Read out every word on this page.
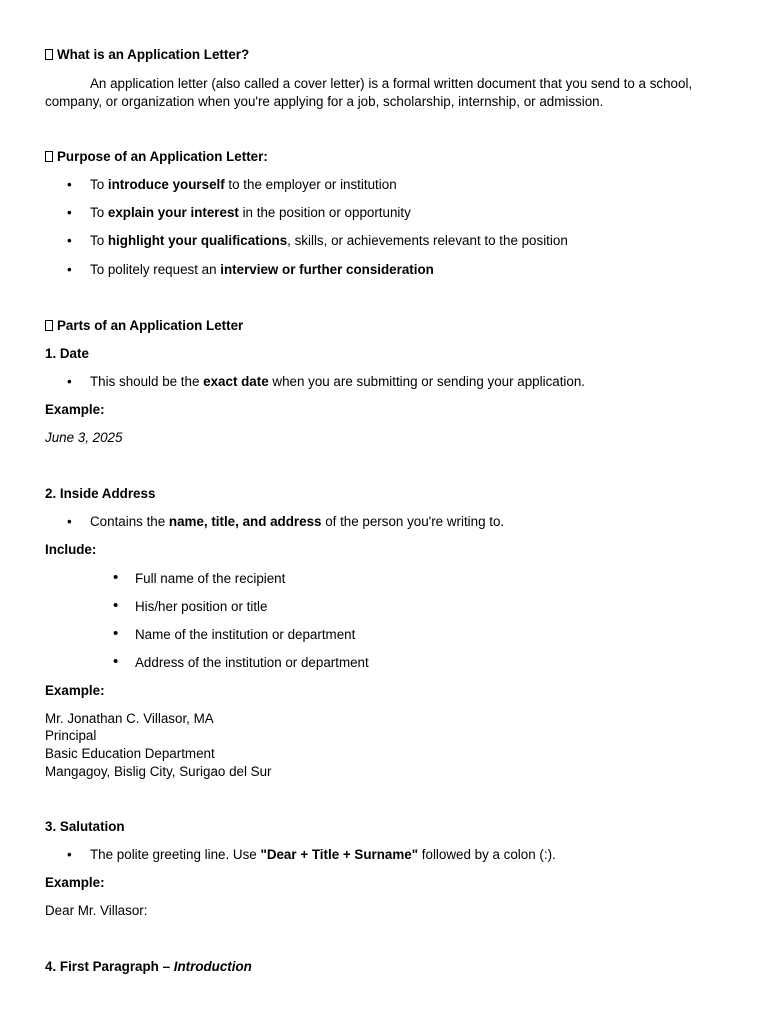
What is an Application Letter?
An application letter (also called a cover letter) is a formal written document that you send to a school, company, or organization when you're applying for a job, scholarship, internship, or admission.
Purpose of an Application Letter:
• To introduce yourself to the employer or institution
• To explain your interest in the position or opportunity
• To highlight your qualifications, skills, or achievements relevant to the position
• To politely request an interview or further consideration
Parts of an Application Letter
1. Date
• This should be the exact date when you are submitting or sending your application.
Example:
June 3, 2025
2. Inside Address
• Contains the name, title, and address of the person you're writing to.
Include:
• Full name of the recipient
• His/her position or title
• Name of the institution or department
• Address of the institution or department
Example:
Mr. Jonathan C. Villasor, MA
Principal
Basic Education Department
Mangagoy, Bislig City, Surigao del Sur
3. Salutation
• The polite greeting line. Use "Dear + Title + Surname" followed by a colon (:).
Example:
Dear Mr. Villasor:
4. First Paragraph – Introduction
